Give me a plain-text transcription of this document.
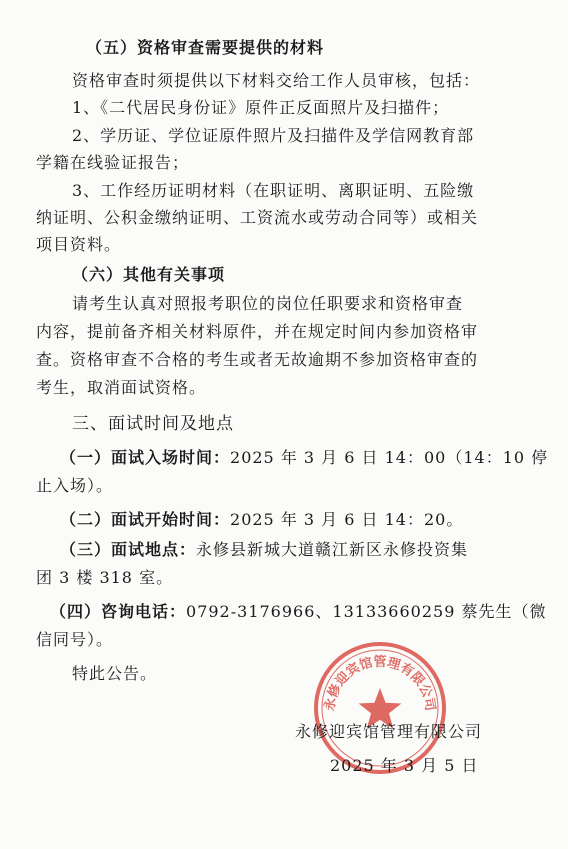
（五）资格审查需要提供的材料

资格审查时须提供以下材料交给工作人员审核，包括：

1、《二代居民身份证》原件正反面照片及扫描件；

2、学历证、学位证原件照片及扫描件及学信网教育部

学籍在线验证报告；

3、工作经历证明材料（在职证明、离职证明、五险缴

纳证明、公积金缴纳证明、工资流水或劳动合同等）或相关

项目资料。

（六）其他有关事项

请考生认真对照报考职位的岗位任职要求和资格审查

内容，提前备齐相关材料原件，并在规定时间内参加资格审

查。资格审查不合格的考生或者无故逾期不参加资格审查的

考生，取消面试资格。

三、面试时间及地点

（一）面试入场时间：2025 年 3 月 6 日 14：00（14：10 停

止入场）。

（二）面试开始时间：2025 年 3 月 6 日 14：20。

（三）面试地点：永修县新城大道赣江新区永修投资集

团 3 楼 318 室。

（四）咨询电话：0792-3176966、13133660259 蔡先生（微

信同号）。

特此公告。

永修迎宾馆管理有限公司

永修迎宾馆管理有限公司

2025 年 3 月 5 日
